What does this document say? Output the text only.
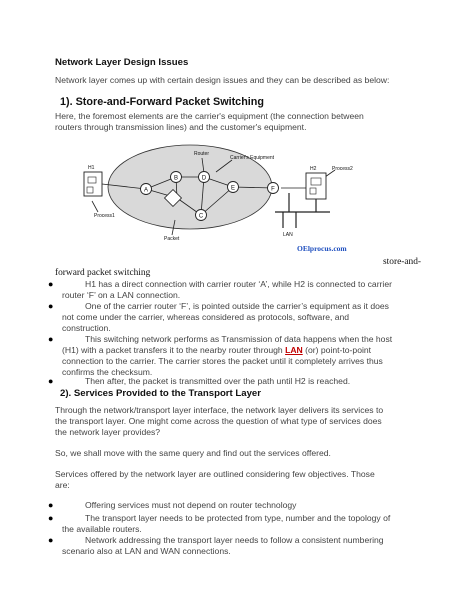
Network Layer Design Issues
Network layer comes up with certain design issues and they can be described as below:
1). Store-and-Forward Packet Switching
Here, the foremost elements are the carrier's equipment (the connection between
routers through transmission lines) and the customer's equipment.
A
B
C
D
E	F
Router
Carrier's Equipment
Process2
H1	H2
Process1
Packet
LAN
OElprocus.com
store-and-
forward packet switching
●	H1 has a direct connection with carrier router ‘A’, while H2 is connected to carrier
router ‘F’ on a LAN connection.
●	One of the carrier router ‘F’, is pointed outside the carrier’s equipment as it does
not come under the carrier, whereas considered as protocols, software, and
construction.
●	This switching network performs as Transmission of data happens when the host
(H1) with a packet transfers it to the nearby router through LAN (or) point-to-point
connection to the carrier. The carrier stores the packet until it completely arrives thus
confirms the checksum.
●	Then after, the packet is transmitted over the path until H2 is reached.
2). Services Provided to the Transport Layer
Through the network/transport layer interface, the network layer delivers its services to
the transport layer. One might come across the question of what type of services does
the network layer provides?
So, we shall move with the same query and find out the services offered.
Services offered by the network layer are outlined considering few objectives. Those
are:
●	Offering services must not depend on router technology
●	The transport layer needs to be protected from type, number and the topology of
the available routers.
●	Network addressing the transport layer needs to follow a consistent numbering
scenario also at LAN and WAN connections.
